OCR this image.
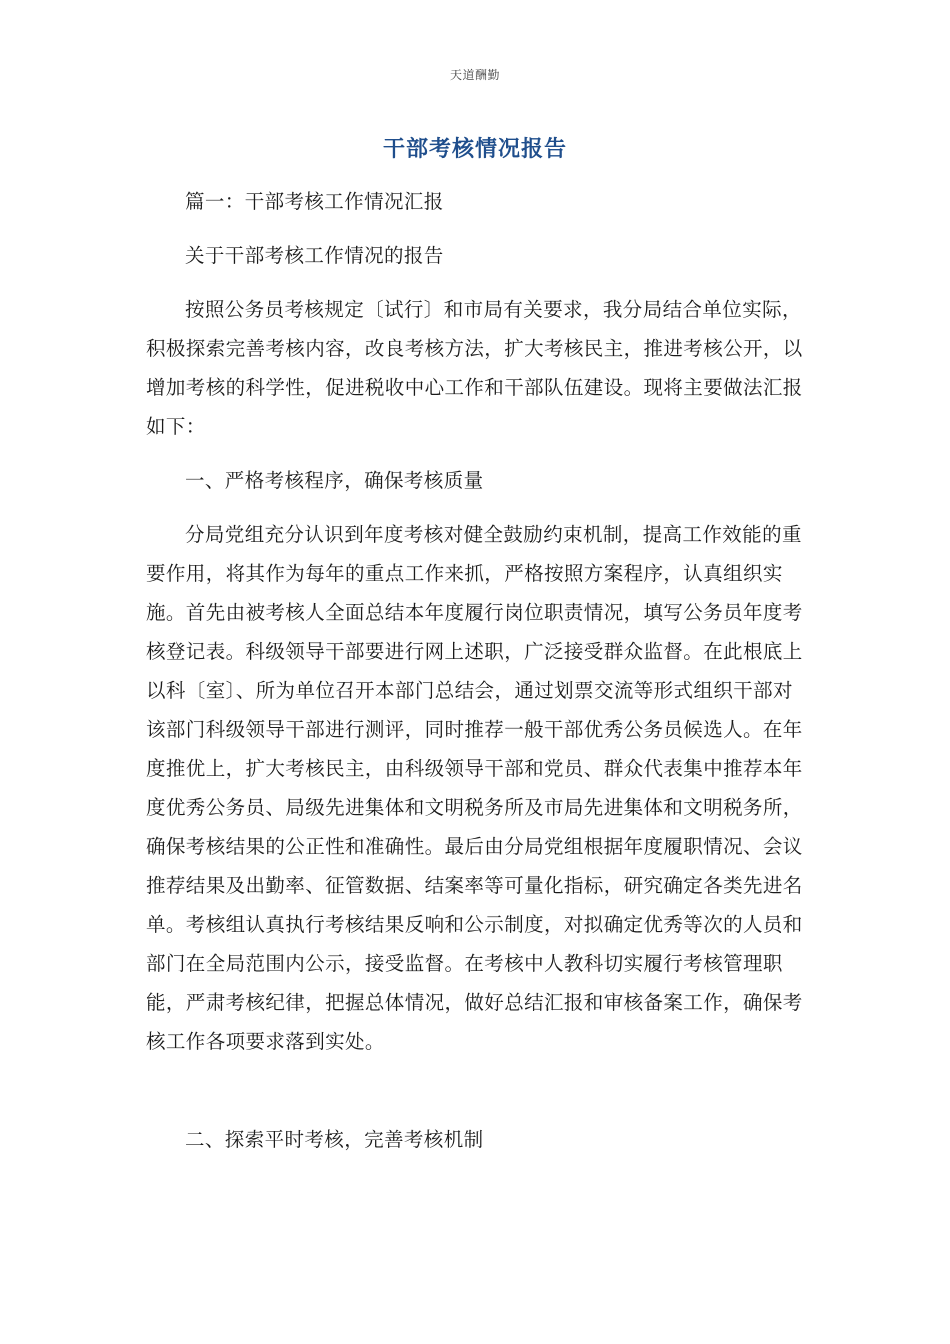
天道酬勤
干部考核情况报告
篇一：干部考核工作情况汇报
关于干部考核工作情况的报告
按照公务员考核规定〔试行〕和市局有关要求，我分局结合单位实际，积极探索完善考核内容，改良考核方法，扩大考核民主，推进考核公开，以增加考核的科学性，促进税收中心工作和干部队伍建设。现将主要做法汇报如下：
一、严格考核程序，确保考核质量
分局党组充分认识到年度考核对健全鼓励约束机制，提高工作效能的重要作用，将其作为每年的重点工作来抓，严格按照方案程序，认真组织实施。首先由被考核人全面总结本年度履行岗位职责情况，填写公务员年度考核登记表。科级领导干部要进行网上述职，广泛接受群众监督。在此根底上以科〔室〕、所为单位召开本部门总结会，通过划票交流等形式组织干部对该部门科级领导干部进行测评，同时推荐一般干部优秀公务员候选人。在年度推优上，扩大考核民主，由科级领导干部和党员、群众代表集中推荐本年度优秀公务员、局级先进集体和文明税务所及市局先进集体和文明税务所，确保考核结果的公正性和准确性。最后由分局党组根据年度履职情况、会议推荐结果及出勤率、征管数据、结案率等可量化指标，研究确定各类先进名单。考核组认真执行考核结果反响和公示制度，对拟确定优秀等次的人员和部门在全局范围内公示，接受监督。在考核中人教科切实履行考核管理职能，严肃考核纪律，把握总体情况，做好总结汇报和审核备案工作，确保考核工作各项要求落到实处。
二、探索平时考核，完善考核机制
